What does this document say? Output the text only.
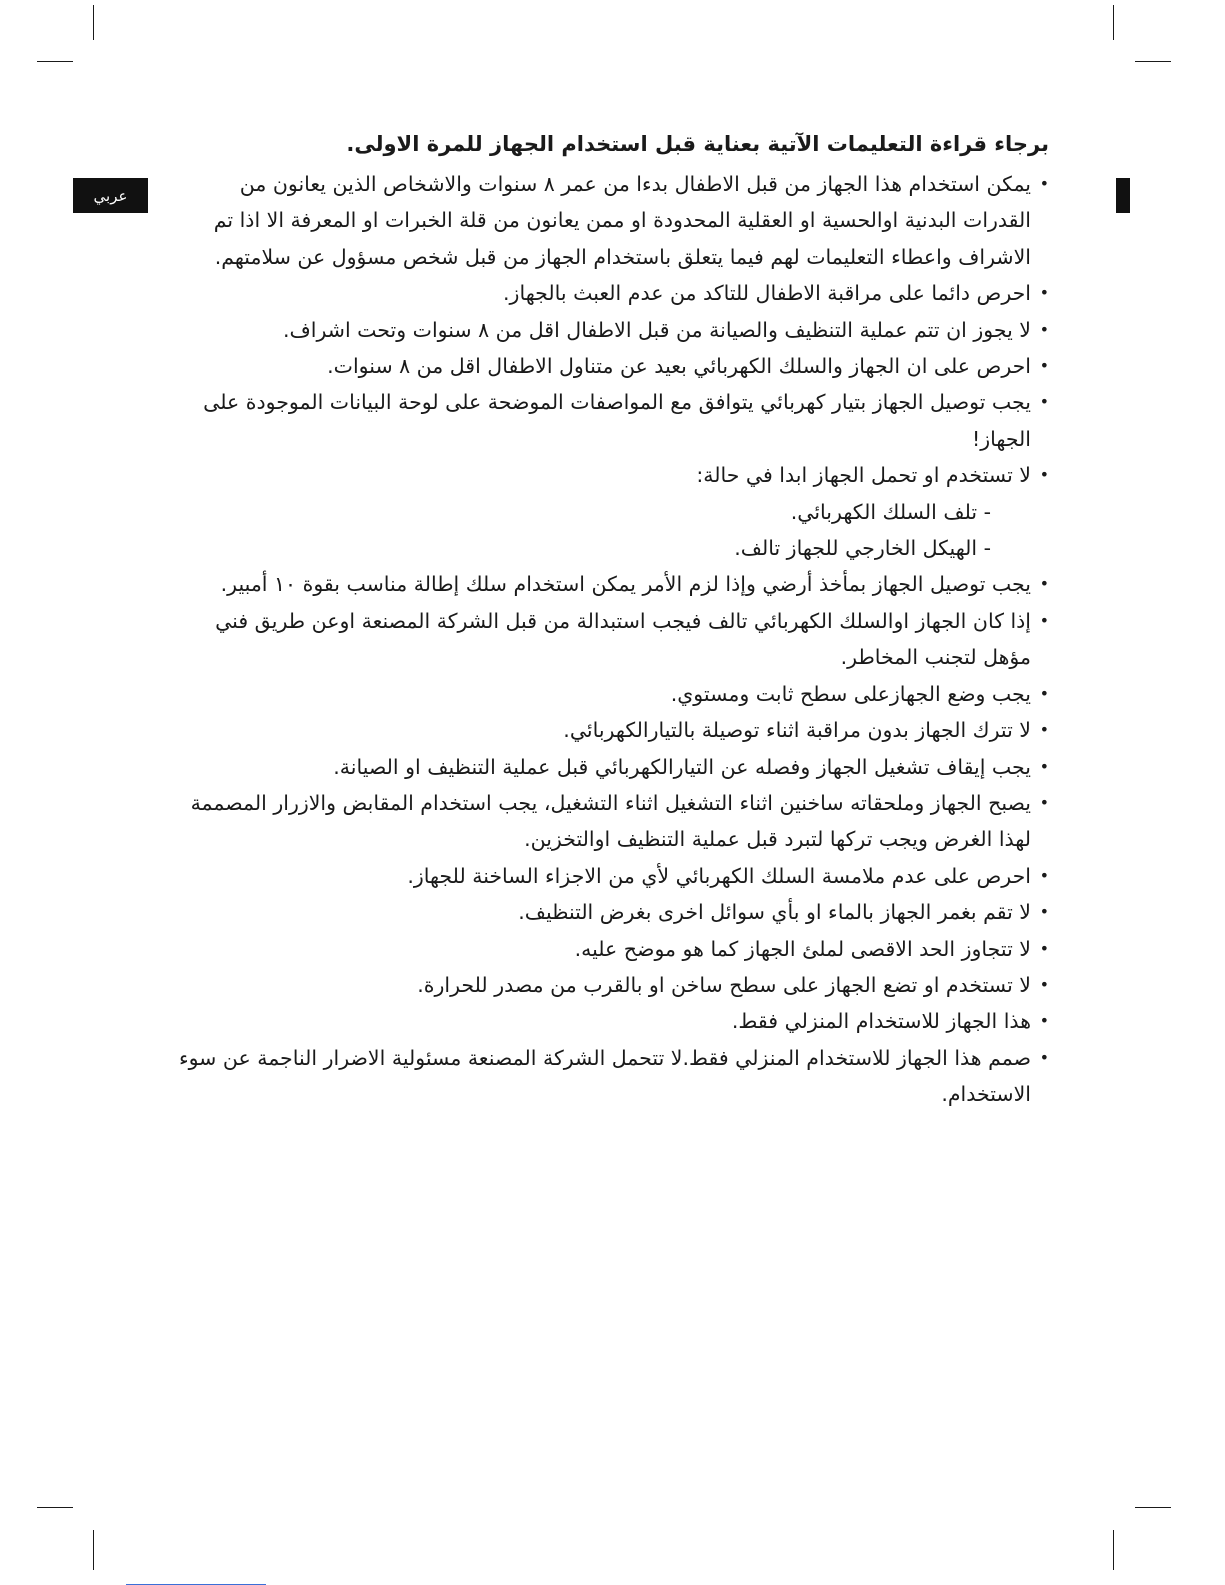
عربي
برجاء قراءة التعليمات الآتية بعناية قبل استخدام الجهاز للمرة الاولى.
• يمكن استخدام هذا الجهاز من قبل الاطفال بدءا من عمر ٨ سنوات والاشخاص الذين يعانون من القدرات البدنية اوالحسية او العقلية المحدودة او ممن يعانون من قلة الخبرات او المعرفة الا اذا تم الاشراف واعطاء التعليمات لهم فيما يتعلق باستخدام الجهاز من قبل شخص مسؤول عن سلامتهم.
• احرص دائما على مراقبة الاطفال للتاكد من عدم العبث بالجهاز.
• لا يجوز ان تتم عملية التنظيف والصيانة من قبل الاطفال اقل من ٨ سنوات وتحت اشراف.
• احرص على ان الجهاز والسلك الكهربائي بعيد عن متناول الاطفال اقل من ٨ سنوات.
• يجب توصيل الجهاز بتيار كهربائي يتوافق مع المواصفات الموضحة على لوحة البيانات الموجودة على الجهاز!
• لا تستخدم او تحمل الجهاز ابدا في حالة:
- تلف السلك الكهربائي.
- الهيكل الخارجي للجهاز تالف.
• يجب توصيل الجهاز بمأخذ أرضي وإذا لزم الأمر يمكن استخدام سلك إطالة مناسب بقوة ١٠ أمبير.
• إذا كان الجهاز اوالسلك الكهربائي تالف فيجب استبدالة من قبل الشركة المصنعة اوعن طريق فني مؤهل لتجنب المخاطر.
• يجب وضع الجهازعلى سطح ثابت ومستوي.
• لا تترك الجهاز بدون مراقبة اثناء توصيلة بالتيارالكهربائي.
• يجب إيقاف تشغيل الجهاز وفصله عن التيارالكهربائي قبل عملية التنظيف او الصيانة.
• يصبح الجهاز وملحقاته ساخنين اثناء التشغيل اثناء التشغيل، يجب استخدام المقابض والازرار المصممة لهذا الغرض ويجب تركها لتبرد قبل عملية التنظيف اوالتخزين.
• احرص على عدم ملامسة السلك الكهربائي لأي من الاجزاء الساخنة للجهاز.
• لا تقم بغمر الجهاز بالماء او بأي سوائل اخرى بغرض التنظيف.
• لا تتجاوز الحد الاقصى لملئ الجهاز كما هو موضح عليه.
• لا تستخدم او تضع الجهاز على سطح ساخن او بالقرب من مصدر للحرارة.
• هذا الجهاز للاستخدام المنزلي فقط.
• صمم هذا الجهاز للاستخدام المنزلي فقط.لا تتحمل الشركة المصنعة مسئولية الاضرار الناجمة عن سوء الاستخدام.
